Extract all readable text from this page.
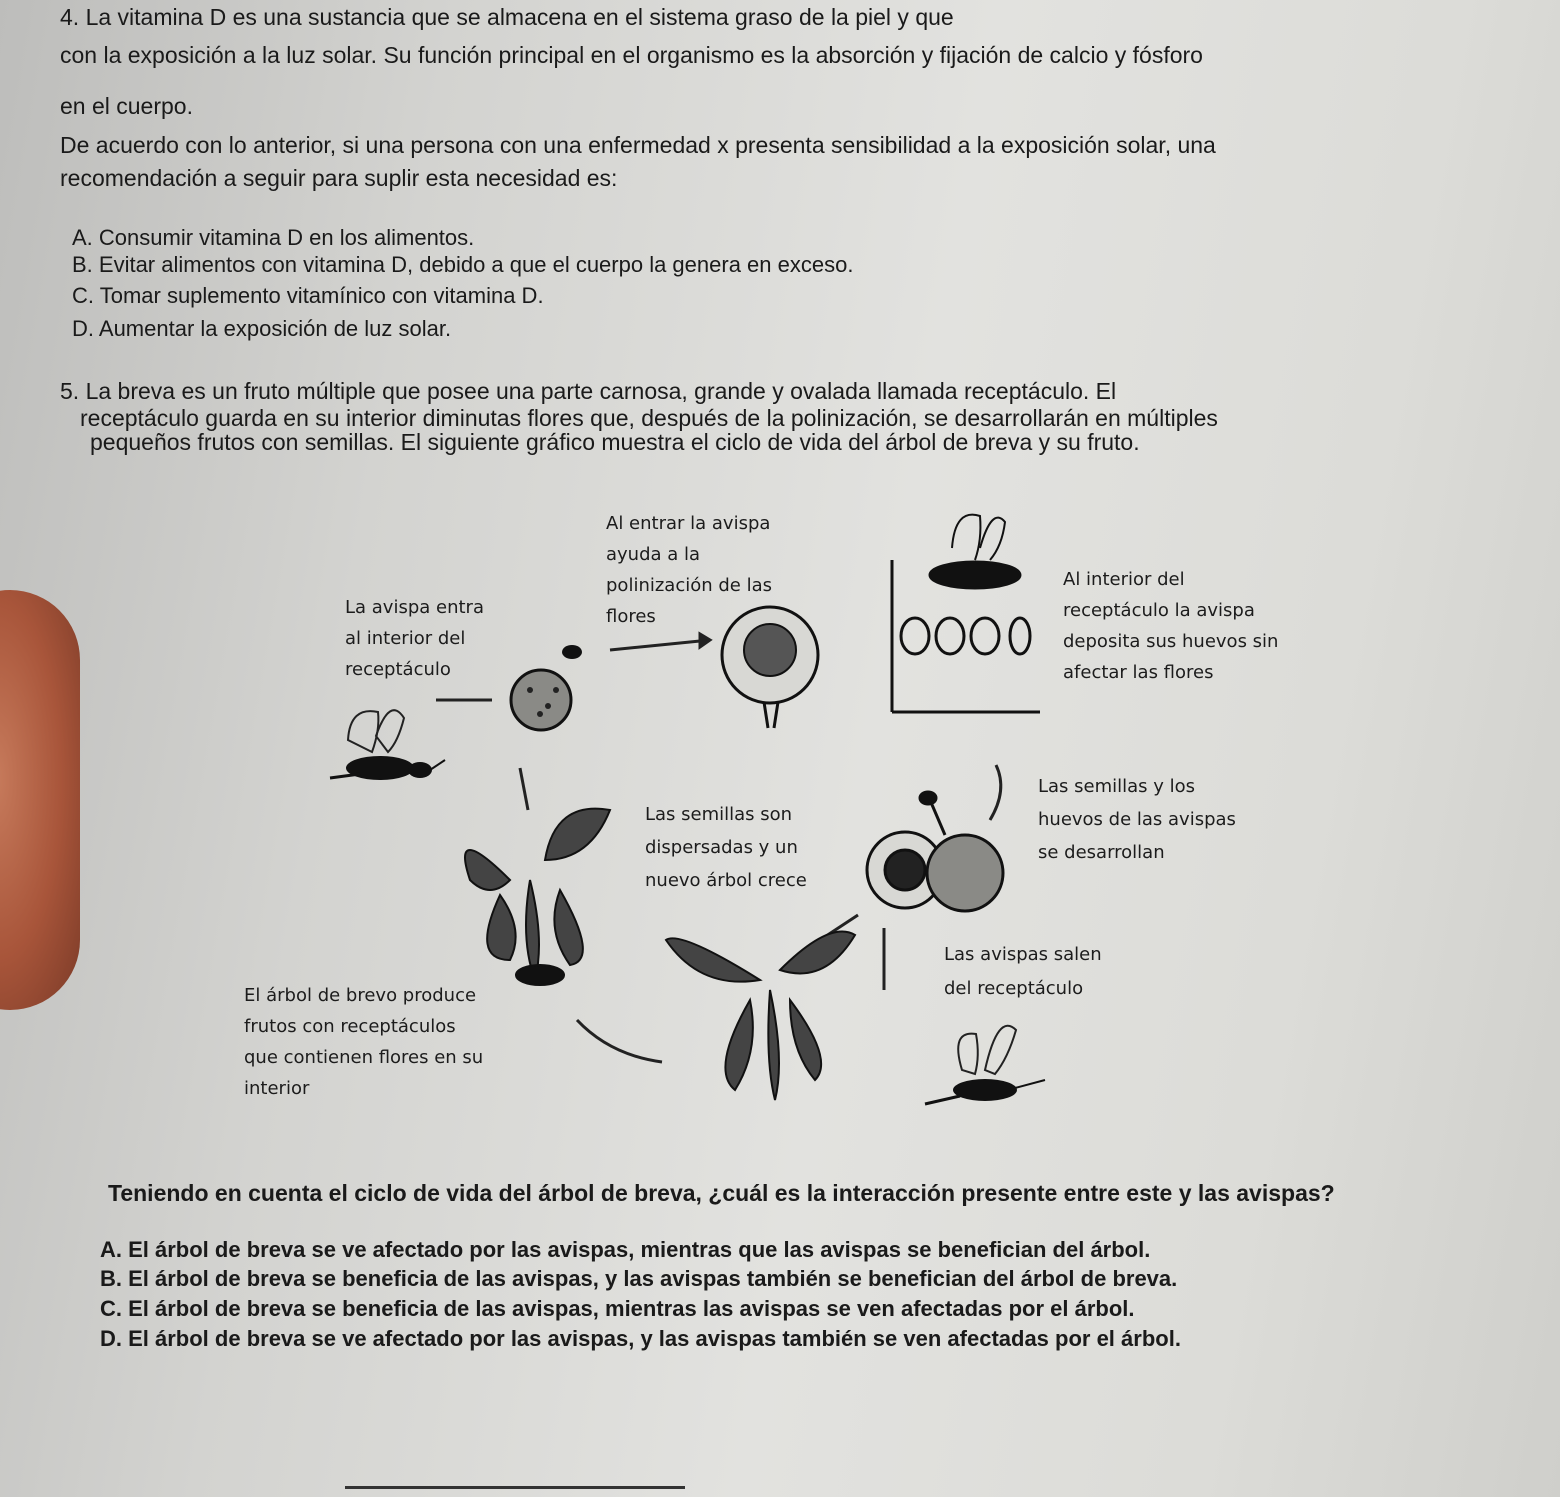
4. La vitamina D es una sustancia que se almacena en el sistema graso de la piel y que

con la exposición a la luz solar. Su función principal en el organismo es la absorción y fijación de calcio y fósforo

en el cuerpo.

De acuerdo con lo anterior, si una persona con una enfermedad x presenta sensibilidad a la exposición solar, una

recomendación a seguir para suplir esta necesidad es:

A. Consumir vitamina D en los alimentos.
B. Evitar alimentos con vitamina D, debido a que el cuerpo la genera en exceso.
C. Tomar suplemento vitamínico con vitamina D.
D. Aumentar la exposición de luz solar.

5. La breva es un fruto múltiple que posee una parte carnosa, grande y ovalada llamada receptáculo. El

receptáculo guarda en su interior diminutas flores que, después de la polinización, se desarrollarán en múltiples

pequeños frutos con semillas. El siguiente gráfico muestra el ciclo de vida del árbol de breva y su fruto.

La avispa entra
al interior del
receptáculo
Al entrar la avispa
ayuda a la
polinización de las
flores
Al interior del
receptáculo la avispa
deposita sus huevos sin
afectar las flores
Las semillas son
dispersadas y un
nuevo árbol crece
Las semillas y los
huevos de las avispas
se desarrollan
Las avispas salen
del receptáculo
El árbol de brevo produce
frutos con receptáculos
que contienen flores en su
interior
Teniendo en cuenta el ciclo de vida del árbol de breva, ¿cuál es la interacción presente entre este y las avispas?
A. El árbol de breva se ve afectado por las avispas, mientras que las avispas se benefician del árbol.
B. El árbol de breva se beneficia de las avispas, y las avispas también se benefician del árbol de breva.
C. El árbol de breva se beneficia de las avispas, mientras las avispas se ven afectadas por el árbol.
D. El árbol de breva se ve afectado por las avispas, y las avispas también se ven afectadas por el árbol.
